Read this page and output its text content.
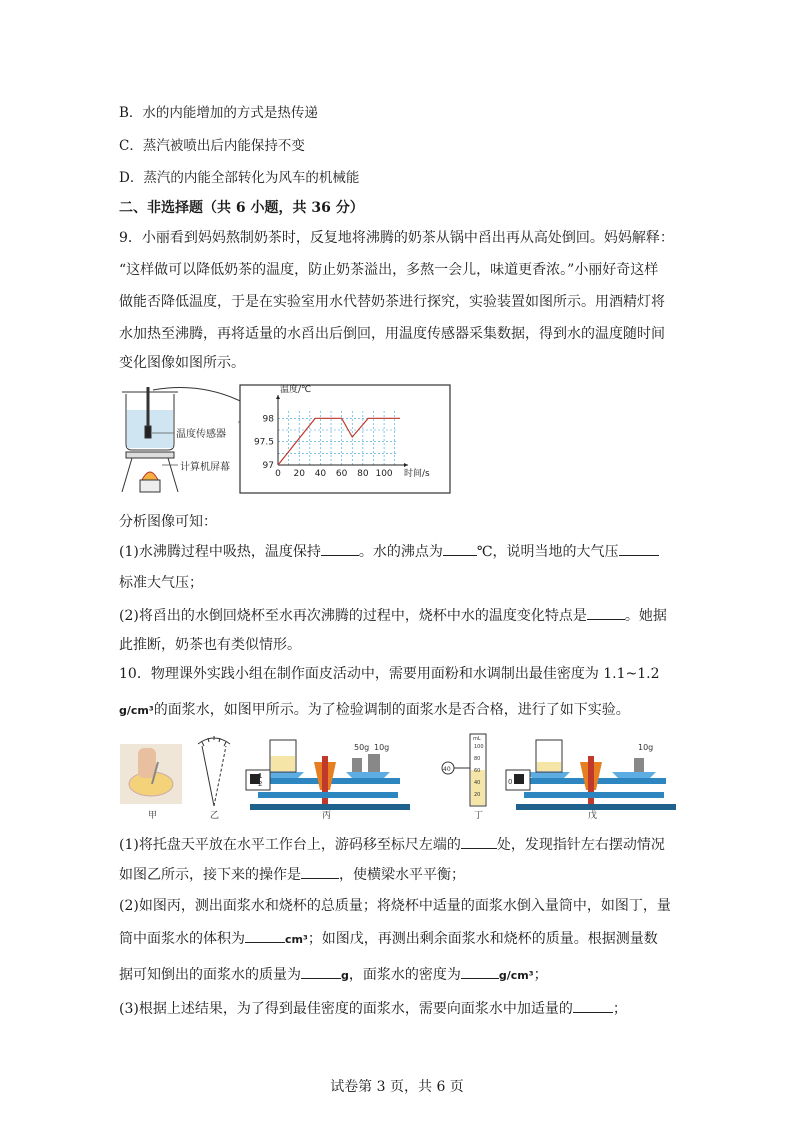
B．水的内能增加的方式是热传递
C．蒸汽被喷出后内能保持不变
D．蒸汽的内能全部转化为风车的机械能
二、非选择题（共 6 小题，共 36 分）
9．小丽看到妈妈熬制奶茶时，反复地将沸腾的奶茶从锅中舀出再从高处倒回。妈妈解释：
“这样做可以降低奶茶的温度，防止奶茶溢出，多熬一会儿，味道更香浓。”小丽好奇这样
做能否降低温度，于是在实验室用水代替奶茶进行探究，实验装置如图所示。用酒精灯将
水加热至沸腾，再将适量的水舀出后倒回，用温度传感器采集数据，得到水的温度随时间
变化图像如图所示。
温度传感器
计算机屏幕
0 20 40 60 80 100
97
97.5
98
温度/℃
时间/s
分析图像可知：
(1)水沸腾过程中吸热，温度保持	。水的沸点为 ℃，说明当地的大气压
标准大气压；
(2)将舀出的水倒回烧杯至水再次沸腾的过程中，烧杯中水的温度变化特点是	。她据
此推断，奶茶也有类似情形。
10．物理课外实践小组在制作面皮活动中，需要用面粉和水调制出最佳密度为 1.1~1.2
g/cm³的面浆水，如图甲所示。为了检验调制的面浆水是否合格，进行了如下实验。
甲	乙
50g 10g
1
2
丙
mL
100
80
60
40
20
40
丁
10g
0
戊
(1)将托盘天平放在水平工作台上，游码移至标尺左端的	处，发现指针左右摆动情况
如图乙所示，接下来的操作是	，使横梁水平平衡；
(2)如图丙，测出面浆水和烧杯的总质量；将烧杯中适量的面浆水倒入量筒中，如图丁，量
筒中面浆水的体积为	cm³；如图戊，再测出剩余面浆水和烧杯的质量。根据测量数
据可知倒出的面浆水的质量为	g，面浆水的密度为	g/cm³；
(3)根据上述结果，为了得到最佳密度的面浆水，需要向面浆水中加适量的	；
试卷第 3 页，共 6 页
